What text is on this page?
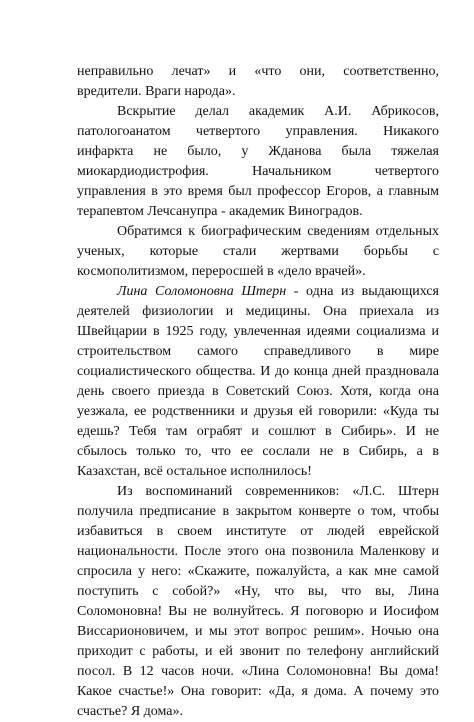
неправильно лечат» и «что они, соответственно,
вредители. Враги народа».
Вскрытие делал академик А.И. Абрикосов,
патологоанатом четвертого управления. Никакого
инфаркта не было, у Жданова была тяжелая
миокардиодистрофия. Начальником четвертого
управления в это время был профессор Егоров, а главным
терапевтом Лечсанупра - академик Виноградов.
Обратимся к биографическим сведениям отдельных
ученых, которые стали жертвами борьбы с
космополитизмом, переросшей в «дело врачей».
Лина Соломоновна Штерн - одна из выдающихся
деятелей физиологии и медицины. Она приехала из
Швейцарии в 1925 году, увлеченная идеями социализма и
строительством самого справедливого в мире
социалистического общества. И до конца дней праздновала
день своего приезда в Советский Союз. Хотя, когда она
уезжала, ее родственники и друзья ей говорили: «Куда ты
едешь? Тебя там ограбят и сошлют в Сибирь». И не
сбылось только то, что ее сослали не в Сибирь, а в
Казахстан, всё остальное исполнилось!
Из воспоминаний современников: «Л.С. Штерн
получила предписание в закрытом конверте о том, чтобы
избавиться в своем институте от людей еврейской
национальности. После этого она позвонила Маленкову и
спросила у него: «Скажите, пожалуйста, а как мне самой
поступить с собой?» «Ну, что вы, что вы, Лина
Соломоновна! Вы не волнуйтесь. Я поговорю и Иосифом
Виссарионовичем, и мы этот вопрос решим». Ночью она
приходит с работы, и ей звонит по телефону английский
посол. В 12 часов ночи. «Лина Соломоновна! Вы дома!
Какое счастье!» Она говорит: «Да, я дома. А почему это
счастье? Я дома».
